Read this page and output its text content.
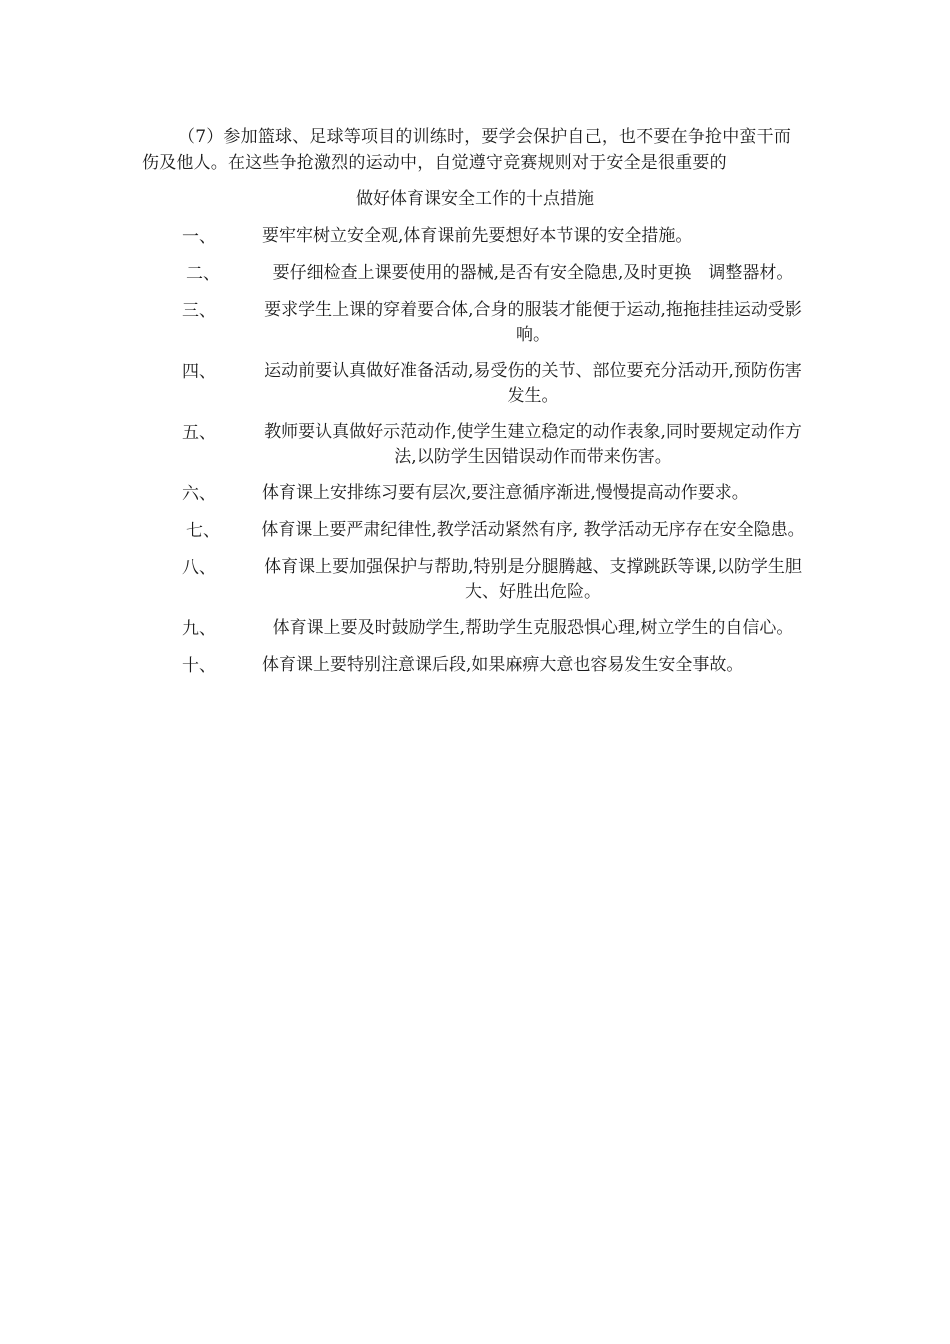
（7）参加篮球、足球等项目的训练时，要学会保护自己，也不要在争抢中蛮干而伤及他人。在这些争抢激烈的运动中，自觉遵守竞赛规则对于安全是很重要的
做好体育课安全工作的十点措施
一、	要牢牢树立安全观,体育课前先要想好本节课的安全措施。
二、	要仔细检查上课要使用的器械,是否有安全隐患,及时更换　调整器材。
三、	要求学生上课的穿着要合体,合身的服装才能便于运动,拖拖挂挂运动受影响。
四、	运动前要认真做好准备活动,易受伤的关节、部位要充分活动开,预防伤害发生。
五、	教师要认真做好示范动作,使学生建立稳定的动作表象,同时要规定动作方法,以防学生因错误动作而带来伤害。
六、	体育课上安排练习要有层次,要注意循序渐进,慢慢提高动作要求。
七、 体育课上要严肃纪律性,教学活动紧然有序, 教学活动无序存在安全隐患。
八、	体育课上要加强保护与帮助,特别是分腿腾越、支撑跳跃等课,以防学生胆大、好胜出危险。
九、	体育课上要及时鼓励学生,帮助学生克服恐惧心理,树立学生的自信心。
十、	体育课上要特别注意课后段,如果麻痹大意也容易发生安全事故。
